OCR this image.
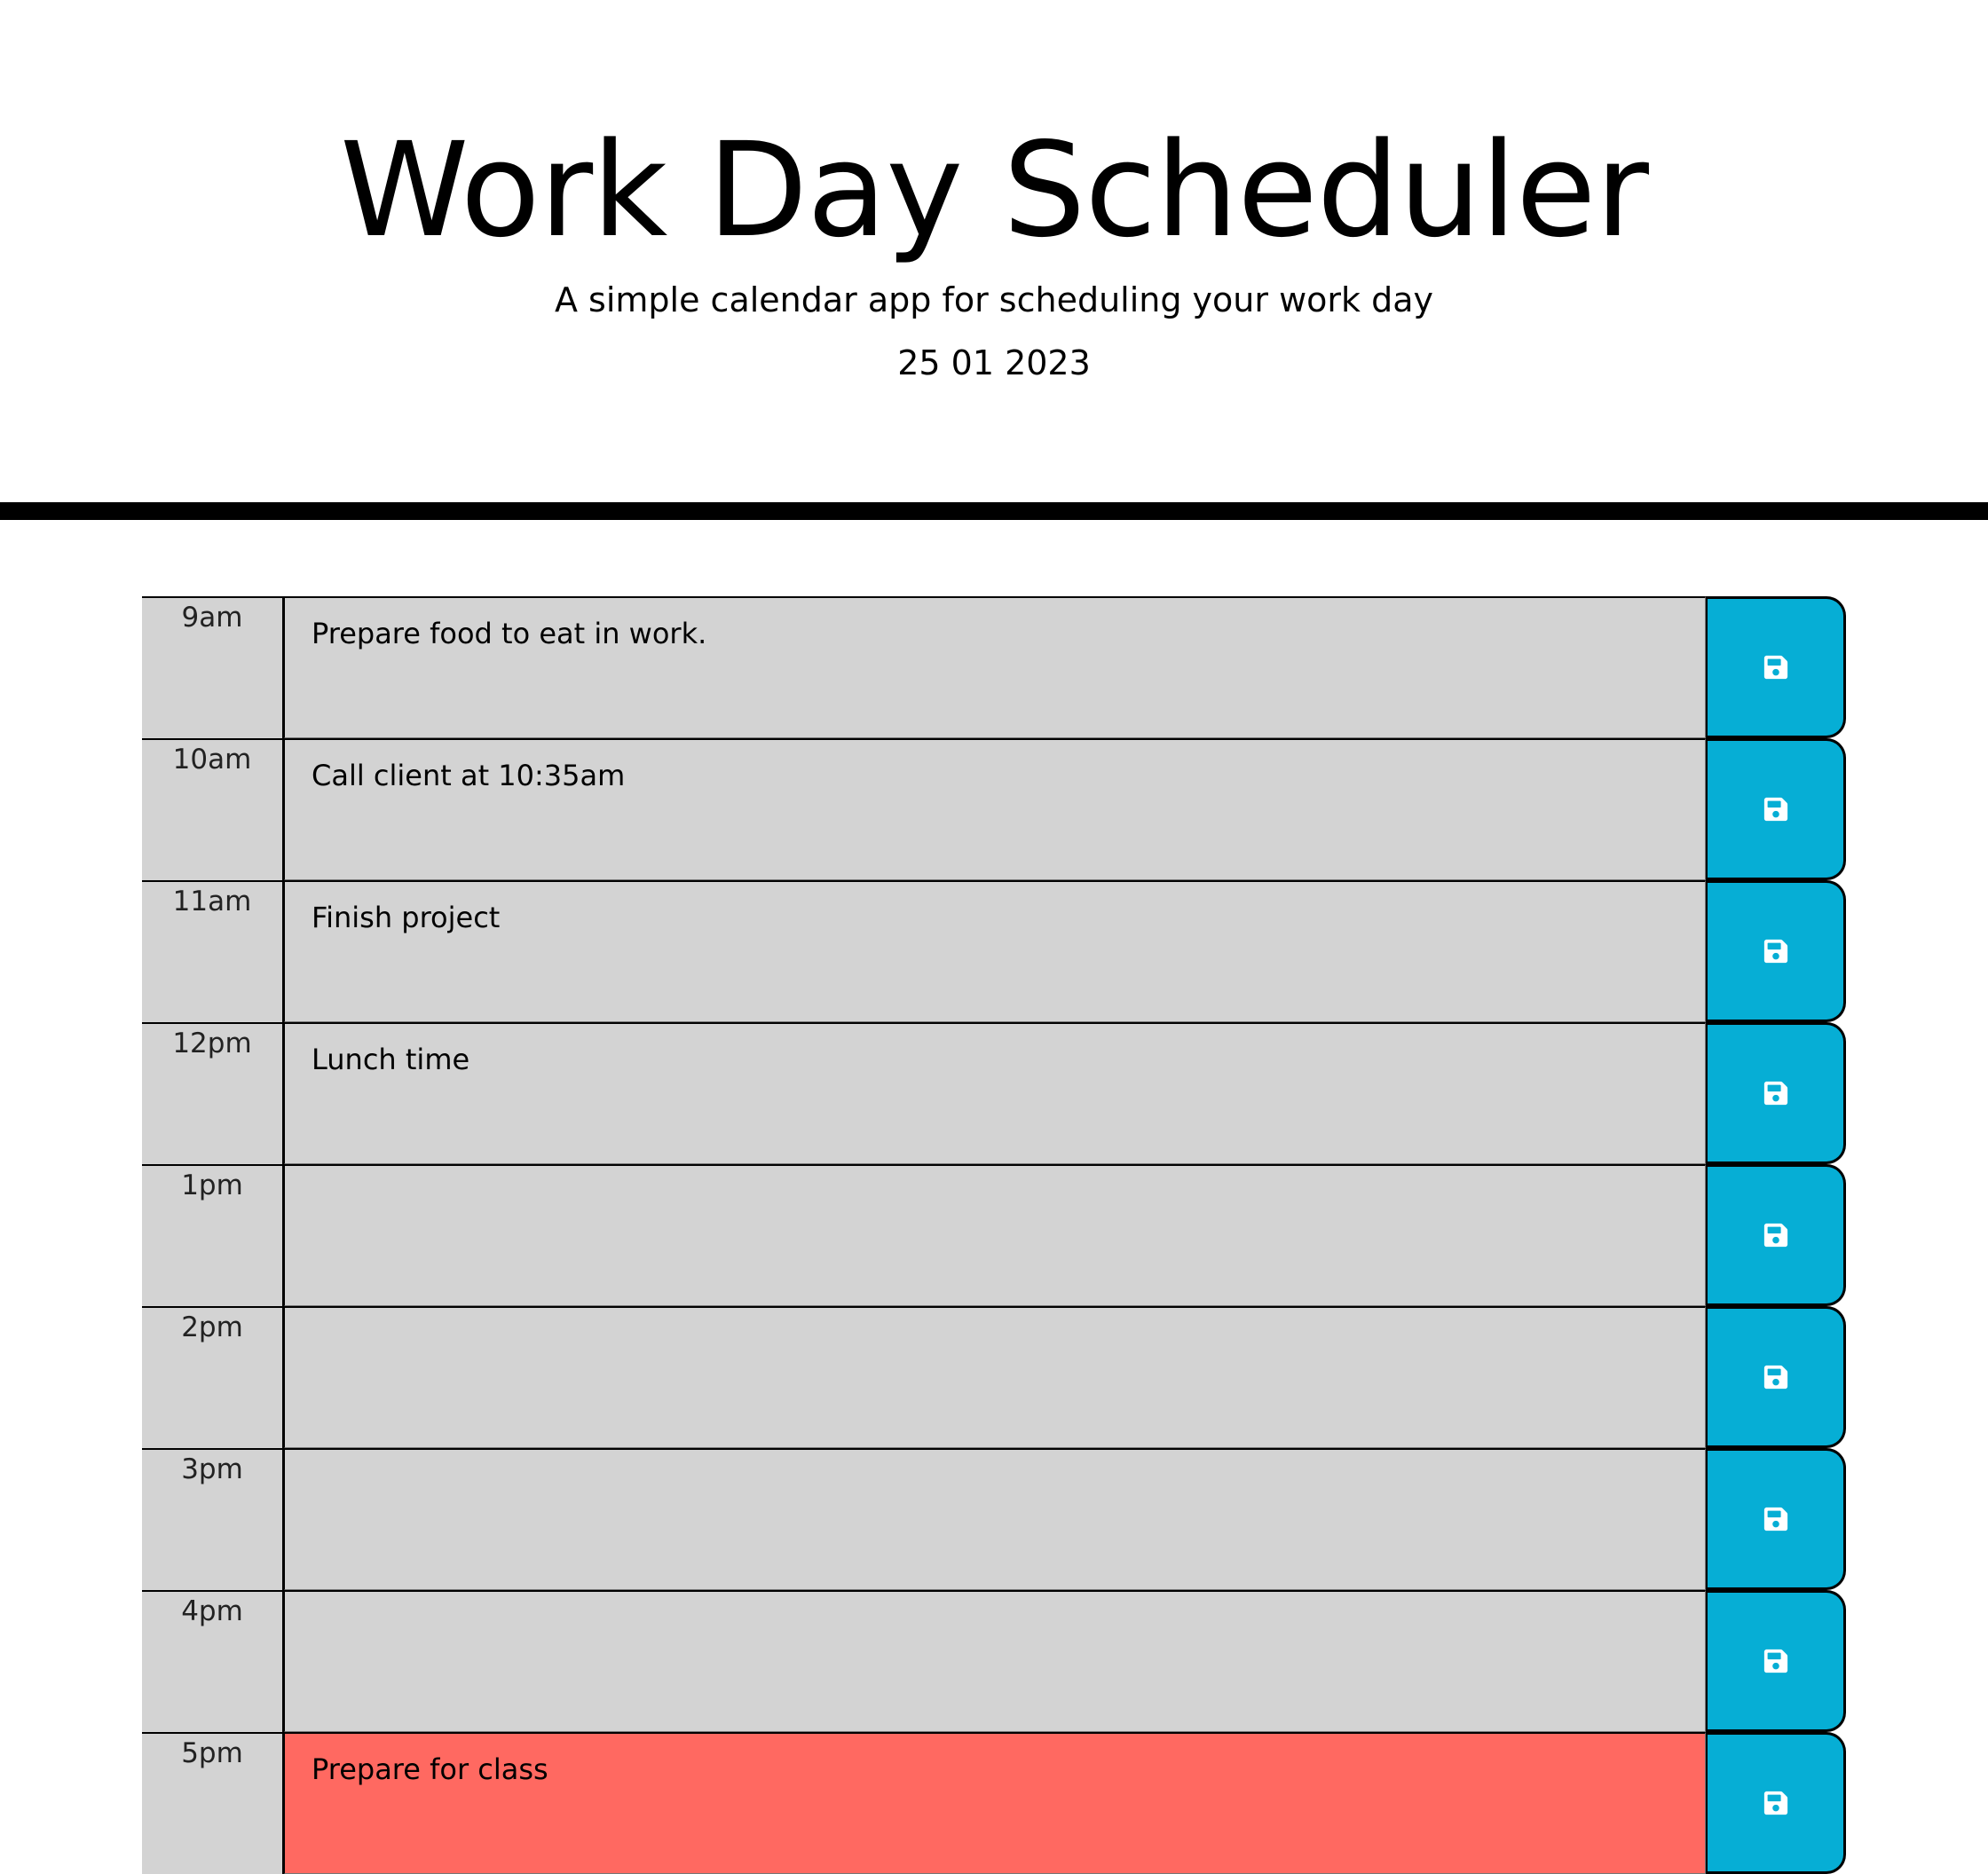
Work Day Scheduler

A simple calendar app for scheduling your work day

25 01 2023

9am
Prepare food to eat in work.
10am
Call client at 10:35am
11am
Finish project
12pm
Lunch time
1pm
2pm
3pm
4pm
5pm
Prepare for class
